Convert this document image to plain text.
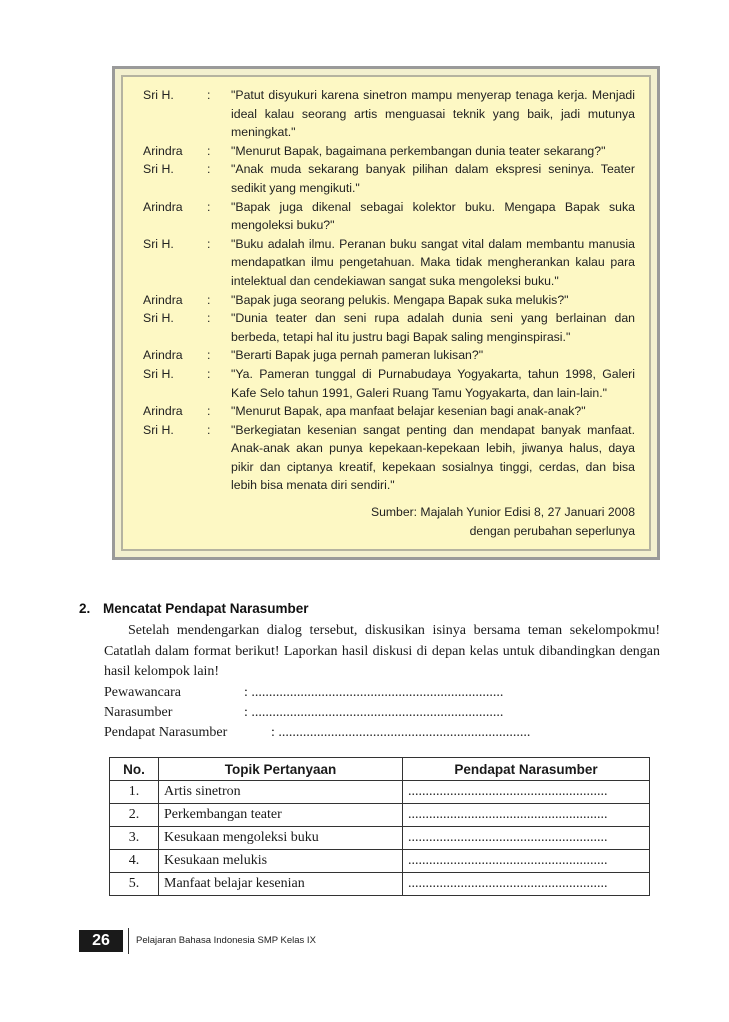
Sri H.	:	"Patut disyukuri karena sinetron mampu menyerap tenaga kerja. Menjadi ideal kalau seorang artis menguasai teknik yang baik, jadi mutunya meningkat."
Arindra	:	"Menurut Bapak, bagaimana perkembangan dunia teater sekarang?"
Sri H.	:	"Anak muda sekarang banyak pilihan dalam ekspresi seninya. Teater sedikit yang mengikuti."
Arindra	:	"Bapak juga dikenal sebagai kolektor buku. Mengapa Bapak suka mengoleksi buku?"
Sri H.	:	"Buku adalah ilmu. Peranan buku sangat vital dalam membantu manusia mendapatkan ilmu pengetahuan. Maka tidak mengherankan kalau para intelektual dan cendekiawan sangat suka mengoleksi buku."
Arindra	:	"Bapak juga seorang pelukis. Mengapa Bapak suka melukis?"
Sri H.	:	"Dunia teater dan seni rupa adalah dunia seni yang berlainan dan berbeda, tetapi hal itu justru bagi Bapak saling menginspirasi."
Arindra	:	"Berarti Bapak juga pernah pameran lukisan?"
Sri H.	:	"Ya. Pameran tunggal di Purnabudaya Yogyakarta, tahun 1998, Galeri Kafe Selo tahun 1991, Galeri Ruang Tamu Yogyakarta, dan lain-lain."
Arindra	:	"Menurut Bapak, apa manfaat belajar kesenian bagi anak-anak?"
Sri H.	:	"Berkegiatan kesenian sangat penting dan mendapat banyak manfaat. Anak-anak akan punya kepekaan-kepekaan lebih, jiwanya halus, daya pikir dan ciptanya kreatif, kepekaan sosialnya tinggi, cerdas, dan bisa lebih bisa menata diri sendiri."
Sumber: Majalah Yunior Edisi 8, 27 Januari 2008
dengan perubahan seperlunya
2. Mencatat Pendapat Narasumber
Setelah mendengarkan dialog tersebut, diskusikan isinya bersama teman sekelompokmu! Catatlah dalam format berikut! Laporkan hasil diskusi di depan kelas untuk dibandingkan dengan hasil kelompok lain!
Pewawancara	: ........................................................................
Narasumber	: ........................................................................
Pendapat Narasumber	: ........................................................................
No.	Topik Pertanyaan	Pendapat Narasumber
1.	Artis sinetron	.........................................................
2.	Perkembangan teater	.........................................................
3.	Kesukaan mengoleksi buku	.........................................................
4.	Kesukaan melukis	.........................................................
5.	Manfaat belajar kesenian	.........................................................
26	Pelajaran Bahasa Indonesia SMP Kelas IX
